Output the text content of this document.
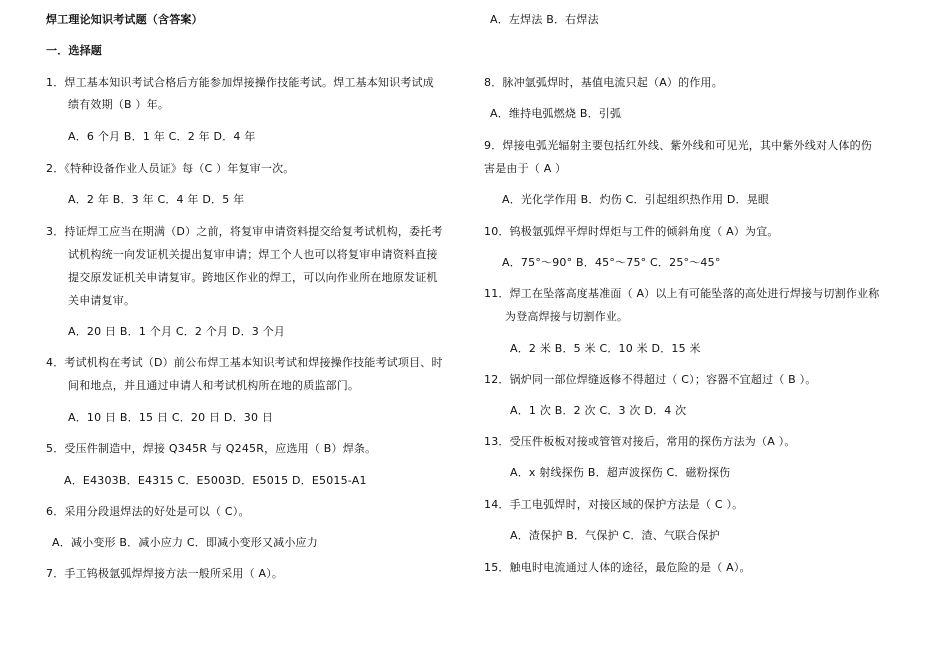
焊工理论知识考试题（含答案）
一．选择题
1．焊工基本知识考试合格后方能参加焊接操作技能考试。焊工基本知识考试成
绩有效期（B ）年。
A．6 个月 B．1 年 C．2 年 D．4 年
2．《特种设备作业人员证》每（C ）年复审一次。
A．2 年 B．3 年 C．4 年 D．5 年
3．持证焊工应当在期满（D）之前，将复审申请资料提交给复考试机构，委托考
试机构统一向发证机关提出复审申请；焊工个人也可以将复审申请资料直接
提交原发证机关申请复审。跨地区作业的焊工，可以向作业所在地原发证机
关申请复审。
A．20 日 B．1 个月 C．2 个月 D．3 个月
4．考试机构在考试（D）前公布焊工基本知识考试和焊接操作技能考试项目、时
间和地点，并且通过申请人和考试机构所在地的质监部门。
A．10 日 B．15 日 C．20 日 D．30 日
5．受压件制造中，焊接 Q345R 与 Q245R，应选用（ B）焊条。
A．E4303B．E4315 C．E5003D．E5015 D．E5015-A1
6．采用分段退焊法的好处是可以（ C）。
A．减小变形 B．减小应力 C．即减小变形又减小应力
7．手工钨极氩弧焊焊接方法一般所采用（ A）。
A．左焊法 B．右焊法
8．脉冲氩弧焊时，基值电流只起（A）的作用。
A．维持电弧燃烧 B．引弧
9．焊接电弧光辐射主要包括红外线、紫外线和可见光，其中紫外线对人体的伤
害是由于（ A ）
A．光化学作用 B．灼伤 C．引起组织热作用 D．晃眼
10．钨极氩弧焊平焊时焊炬与工件的倾斜角度（ A）为宜。
A．75°～90° B．45°～75° C．25°～45°
11．焊工在坠落高度基准面（ A）以上有可能坠落的高处进行焊接与切割作业称
为登高焊接与切割作业。
A．2 米 B．5 米 C．10 米 D．15 米
12．锅炉同一部位焊缝返修不得超过（ C）；容器不宜超过（ B ）。
A．1 次 B．2 次 C．3 次 D．4 次
13．受压件板板对接或管管对接后，常用的探伤方法为（A ）。
A．x 射线探伤 B．超声波探伤 C．磁粉探伤
14．手工电弧焊时，对接区域的保护方法是（ C ）。
A．渣保护 B．气保护 C．渣、气联合保护
15．触电时电流通过人体的途径，最危险的是（ A）。
